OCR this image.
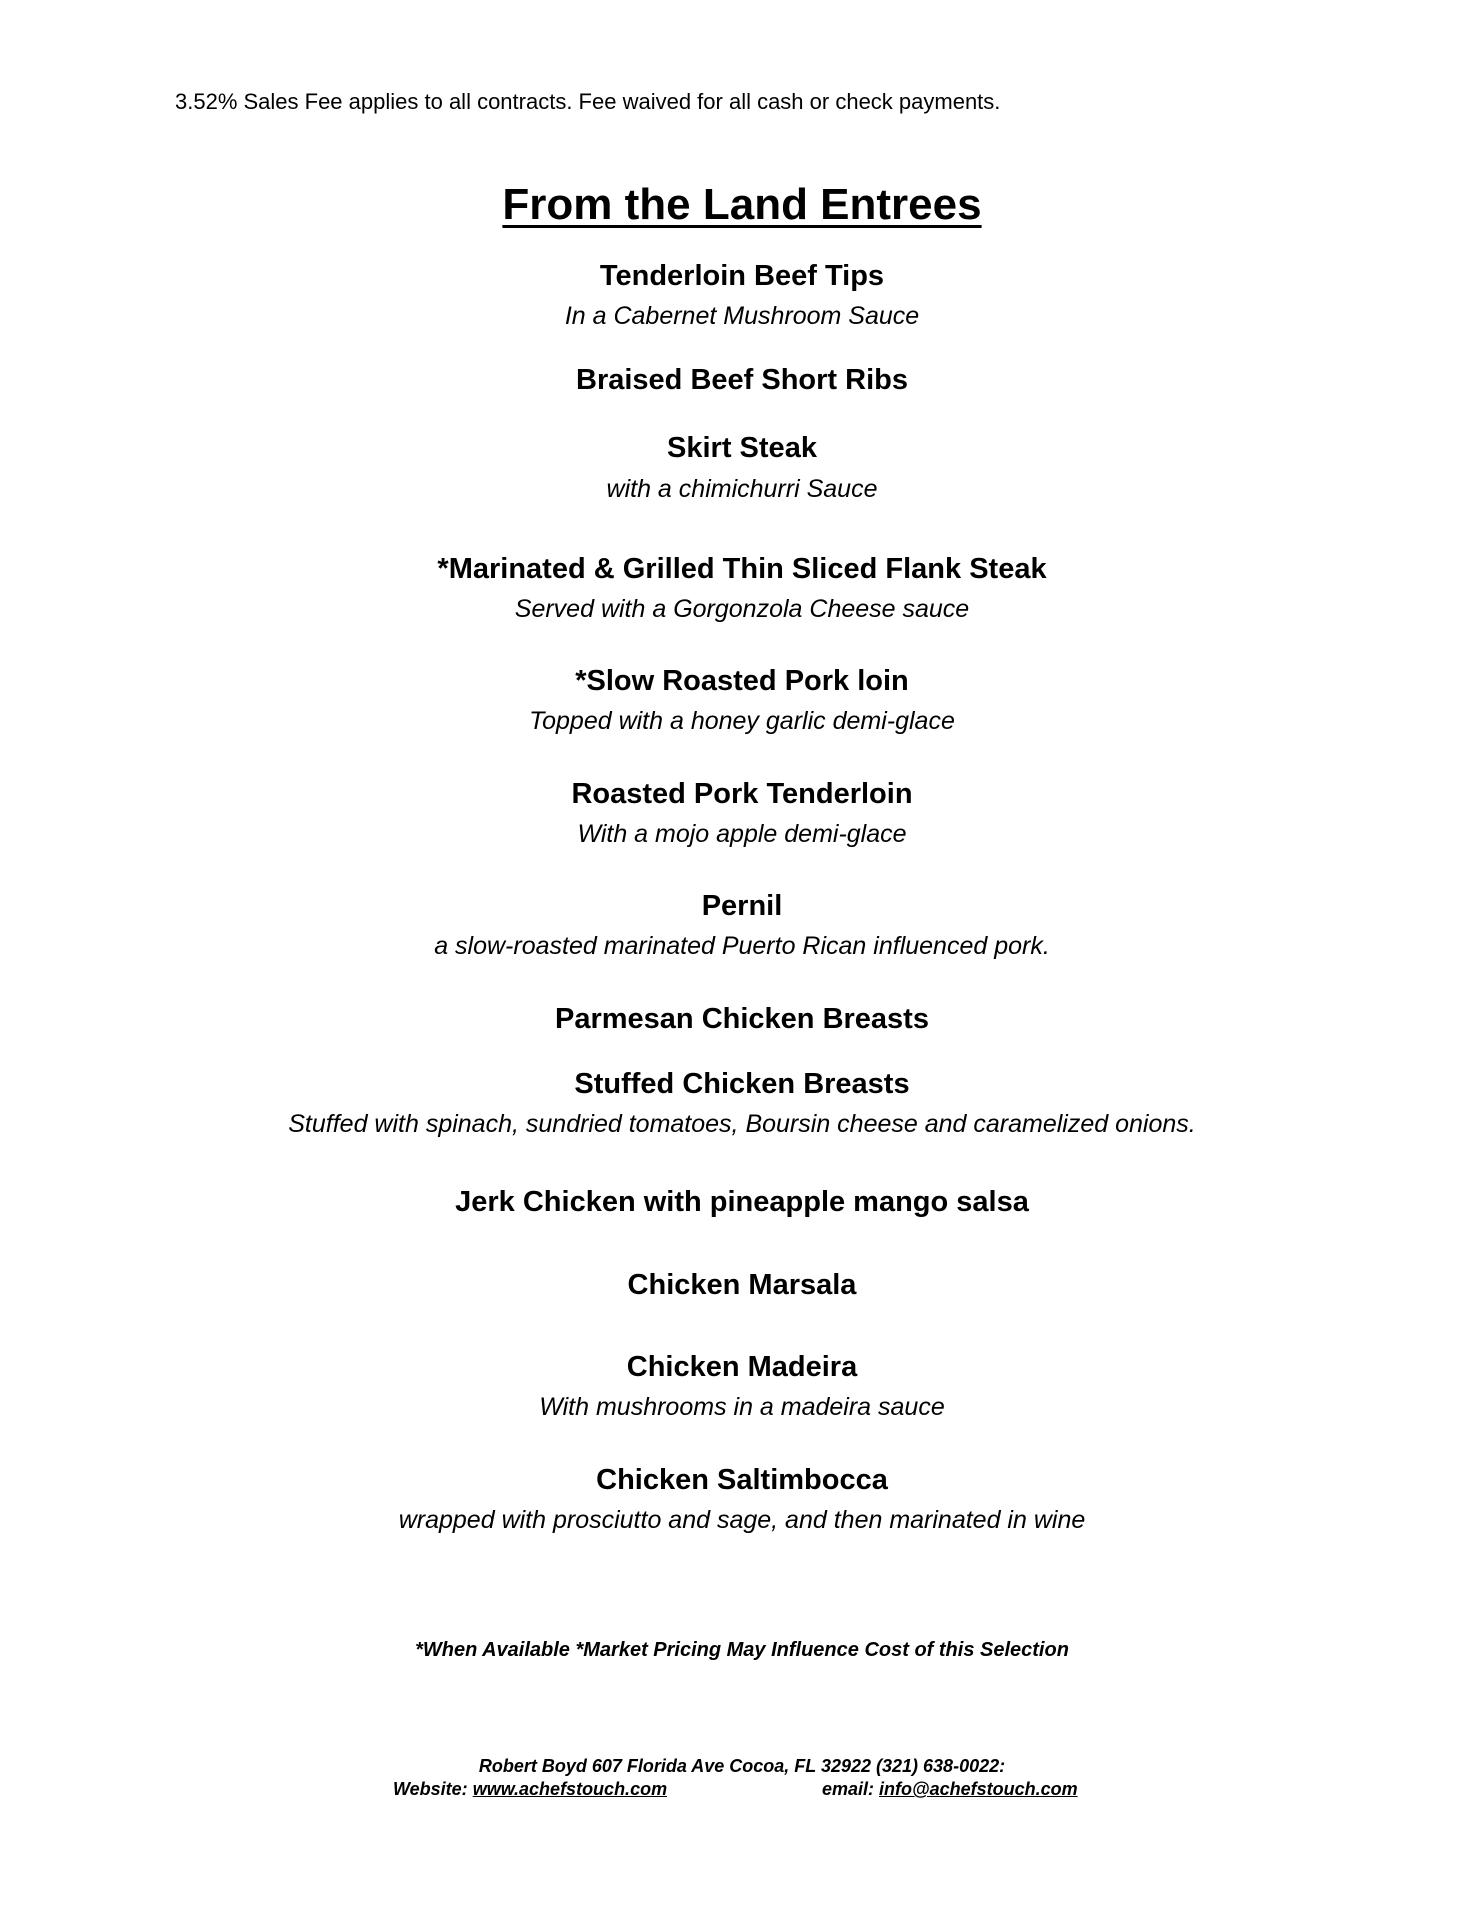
3.52% Sales Fee applies to all contracts. Fee waived for all cash or check payments.
From the Land Entrees
Tenderloin Beef Tips
In a Cabernet Mushroom Sauce
Braised Beef Short Ribs
Skirt Steak
with a chimichurri Sauce
*Marinated & Grilled Thin Sliced Flank Steak
Served with a Gorgonzola Cheese sauce
*Slow Roasted Pork loin
Topped with a honey garlic demi-glace
Roasted Pork Tenderloin
With a mojo apple demi-glace
Pernil
a slow-roasted marinated Puerto Rican influenced pork.
Parmesan Chicken Breasts
Stuffed Chicken Breasts
Stuffed with spinach, sundried tomatoes, Boursin cheese and caramelized onions.
Jerk Chicken with pineapple mango salsa
Chicken Marsala
Chicken Madeira
With mushrooms in a madeira sauce
Chicken Saltimbocca
wrapped with prosciutto and sage, and then marinated in wine
*When Available *Market Pricing May Influence Cost of this Selection
Robert Boyd 607 Florida Ave Cocoa, FL 32922 (321) 638-0022:
Website: www.achefstouch.com	email: info@achefstouch.com
